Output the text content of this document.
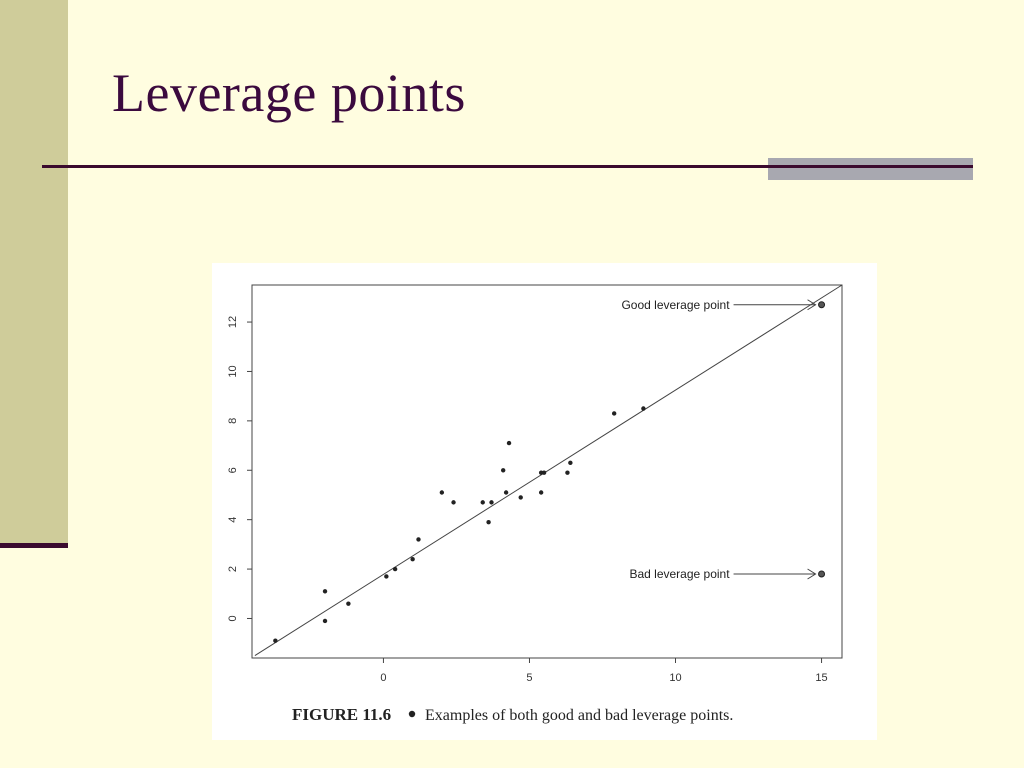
Leverage points
0	5	10	15
0
2
4
6
8
10
12
Good leverage point
Bad leverage point
FIGURE 11.6 Examples of both good and bad leverage points.
